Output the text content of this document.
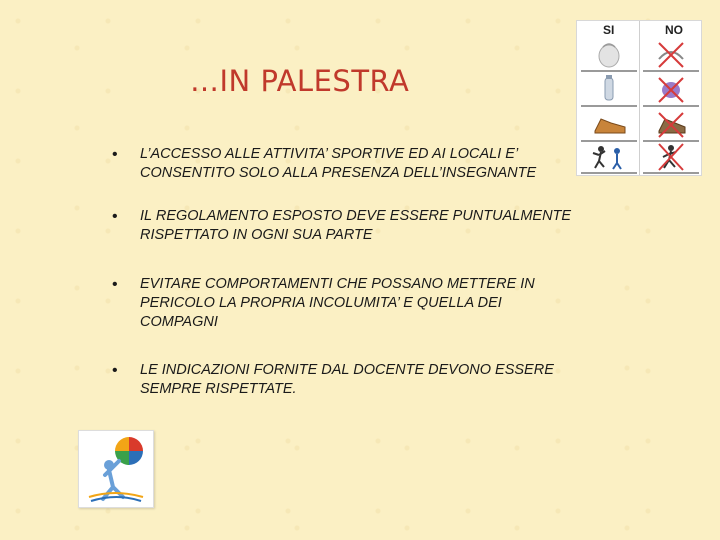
…IN PALESTRA
• L’ACCESSO ALLE ATTIVITA’ SPORTIVE ED AI LOCALI E’ CONSENTITO SOLO ALLA PRESENZA DELL’INSEGNANTE
• IL REGOLAMENTO ESPOSTO DEVE ESSERE PUNTUALMENTE RISPETTATO IN OGNI SUA PARTE
• EVITARE COMPORTAMENTI CHE POSSANO METTERE IN PERICOLO LA PROPRIA INCOLUMITA’ E QUELLA DEI COMPAGNI
• LE INDICAZIONI FORNITE DAL DOCENTE DEVONO ESSERE SEMPRE RISPETTATE.
SI	NO
